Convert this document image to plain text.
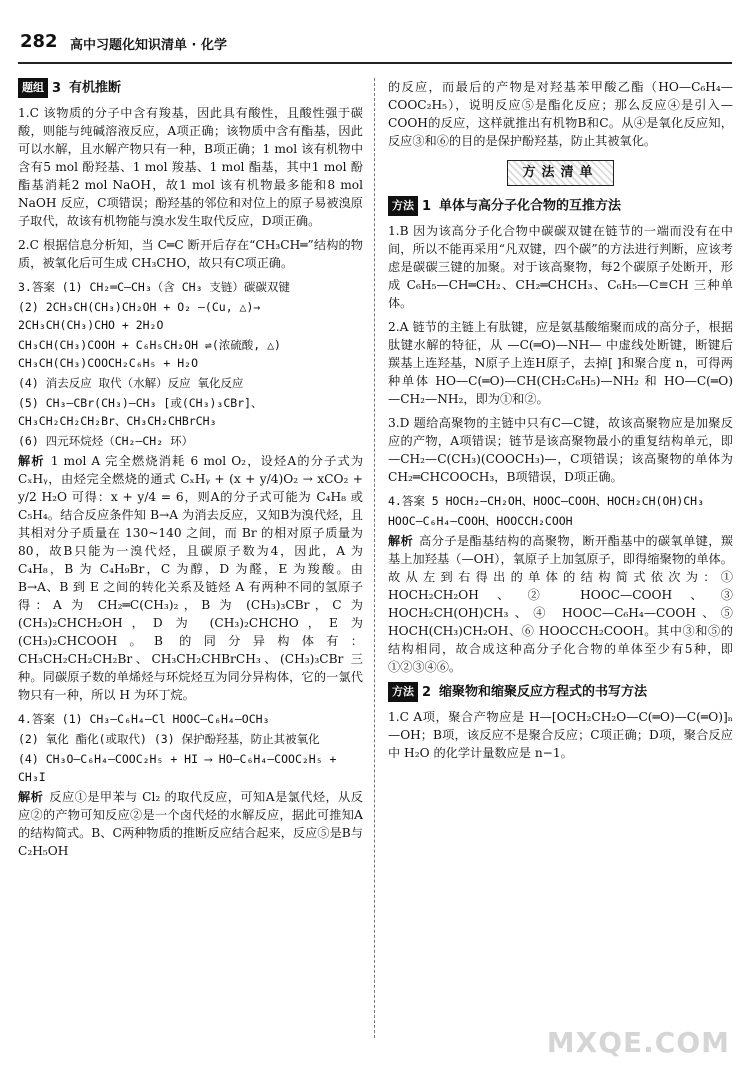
282 高中习题化知识清单 · 化学
题组 3 有机推断
1.C 该物质的分子中含有羧基，因此具有酸性，且酸性强于碳酸，则能与纯碱溶液反应，A项正确；该物质中含有酯基，因此可以水解，且水解产物只有一种，B项正确；1 mol 该有机物中含有5 mol 酚羟基、1 mol 羧基、1 mol 酯基，其中1 mol 酚酯基消耗2 mol NaOH，故1 mol 该有机物最多能和8 mol NaOH 反应，C项错误；酚羟基的邻位和对位上的原子易被溴原子取代，故该有机物能与溴水发生取代反应，D项正确。
2.C 根据信息分析知，当 C═C 断开后存在“CH₃CH═”结构的物质，被氧化后可生成 CH₃CHO，故只有C项正确。
3.答案 (1) CH₂═C—CH₃（含 CH₃ 支链）碳碳双键
(2) 2CH₃CH(CH₃)CH₂OH + O₂ —(Cu, △)→ 2CH₃CH(CH₃)CHO + 2H₂O
CH₃CH(CH₃)COOH + C₆H₅CH₂OH ⇌(浓硫酸, △) CH₃CH(CH₃)COOCH₂C₆H₅ + H₂O
(4) 消去反应 取代（水解）反应 氧化反应
(5) CH₃—CBr(CH₃)—CH₃ [或(CH₃)₃CBr]、CH₃CH₂CH₂CH₂Br、CH₃CH₂CHBrCH₃
(6) 四元环烷烃（CH₂—CH₂ 环）
解析 1 mol A 完全燃烧消耗 6 mol O₂，设烃A的分子式为 CₓHᵧ，由烃完全燃烧的通式 CₓHᵧ + (x + y/4)O₂ → xCO₂ + y/2 H₂O 可得：x + y/4 = 6，则A的分子式可能为 C₄H₈ 或 C₅H₄。结合反应条件知 B→A 为消去反应，又知B为溴代烃，且其相对分子质量在 130~140 之间，而 Br 的相对原子质量为 80，故B只能为一溴代烃，且碳原子数为4，因此，A 为 C₄H₈，B 为 C₄H₉Br，C 为醇，D 为醛，E 为羧酸。由 B→A、B 到 E 之间的转化关系及链烃 A 有两种不同的氢原子得：A 为 CH₂═C(CH₃)₂，B 为 (CH₃)₃CBr，C 为 (CH₃)₂CHCH₂OH，D 为 (CH₃)₂CHCHO，E 为 (CH₃)₂CHCOOH。B 的同分异构体有：CH₃CH₂CH₂CH₂Br、CH₃CH₂CHBrCH₃、(CH₃)₃CBr 三种。同碳原子数的单烯烃与环烷烃互为同分异构体，它的一氯代物只有一种，所以 H 为环丁烷。
4.答案 (1) CH₃—C₆H₄—Cl HOOC—C₆H₄—OCH₃
(2) 氧化 酯化(或取代) (3) 保护酚羟基，防止其被氧化
(4) CH₃O—C₆H₄—COOC₂H₅ + HI ⟶ HO—C₆H₄—COOC₂H₅ + CH₃I
解析 反应①是甲苯与 Cl₂ 的取代反应，可知A是氯代烃，从反应②的产物可知反应②是一个卤代烃的水解反应，据此可推知A的结构简式。B、C两种物质的推断反应结合起来，反应⑤是B与 C₂H₅OH
的反应，而最后的产物是对羟基苯甲酸乙酯（HO—C₆H₄—COOC₂H₅），说明反应⑤是酯化反应；那么反应④是引入—COOH的反应，这样就推出有机物B和C。从④是氧化反应知，反应③和⑥的目的是保护酚羟基，防止其被氧化。
方法清单
方法 1 单体与高分子化合物的互推方法
1.B 因为该高分子化合物中碳碳双键在链节的一端而没有在中间，所以不能再采用“凡双键，四个碳”的方法进行判断，应该考虑是碳碳三键的加聚。对于该高聚物，每2个碳原子处断开，形成 C₆H₅—CH═CH₂、CH₂═CHCH₃、C₆H₅—C≡CH 三种单体。
2.A 链节的主链上有肽键，应是氨基酸缩聚而成的高分子，根据肽键水解的特征，从 —C(═O)—NH— 中虚线处断键，断键后羰基上连羟基，N原子上连H原子，去掉[ ]和聚合度 n，可得两种单体 HO—C(═O)—CH(CH₂C₆H₅)—NH₂ 和 HO—C(═O)—CH₂—NH₂，即为①和②。
3.D 题给高聚物的主链中只有C—C键，故该高聚物应是加聚反应的产物，A项错误；链节是该高聚物最小的重复结构单元，即 —CH₂—C(CH₃)(COOCH₃)—，C项错误；该高聚物的单体为 CH₂═CHCOOCH₃，B项错误，D项正确。
4.答案 5 HOCH₂—CH₂OH、HOOC—COOH、HOCH₂CH(OH)CH₃
HOOC—C₆H₄—COOH、HOOCCH₂COOH
解析 高分子是酯基结构的高聚物，断开酯基中的碳氧单键，羰基上加羟基（—OH），氧原子上加氢原子，即得缩聚物的单体。故从左到右得出的单体的结构简式依次为：① HOCH₂CH₂OH、② HOOC—COOH、③ HOCH₂CH(OH)CH₃、④ HOOC—C₆H₄—COOH、⑤ HOCH(CH₃)CH₂OH、⑥ HOOCCH₂COOH。其中③和⑤的结构相同，故合成这种高分子化合物的单体至少有5种，即①②③④⑥。
方法 2 缩聚物和缩聚反应方程式的书写方法
1.C A项，聚合产物应是 H—[OCH₂CH₂O—C(═O)—C(═O)]ₙ—OH；B项，该反应不是聚合反应；C项正确；D项，聚合反应中 H₂O 的化学计量数应是 n−1。
MXQE.COM
